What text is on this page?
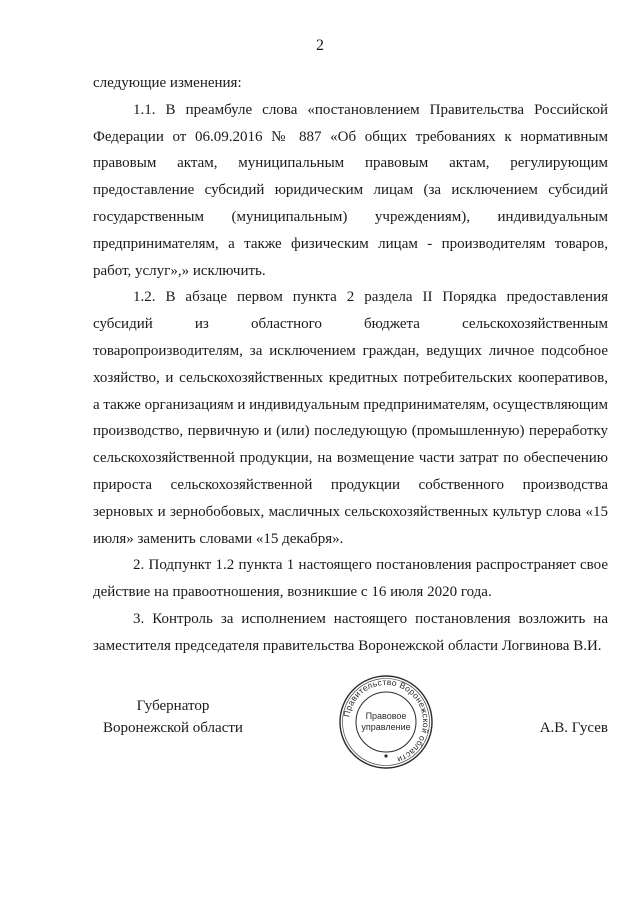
2

следующие изменения:

1.1. В преамбуле слова «постановлением Правительства Российской Федерации от 06.09.2016 № 887 «Об общих требованиях к нормативным правовым актам, муниципальным правовым актам, регулирующим предоставление субсидий юридическим лицам (за исключением субсидий государственным (муниципальным) учреждениям), индивидуальным предпринимателям, а также физическим лицам - производителям товаров, работ, услуг»,» исключить.

1.2. В абзаце первом пункта 2 раздела II Порядка предоставления субсидий из областного бюджета сельскохозяйственным товаропроизводителям, за исключением граждан, ведущих личное подсобное хозяйство, и сельскохозяйственных кредитных потребительских кооперативов, а также организациям и индивидуальным предпринимателям, осуществляющим производство, первичную и (или) последующую (промышленную) переработку сельскохозяйственной продукции, на возмещение части затрат по обеспечению прироста сельскохозяйственной продукции собственного производства зерновых и зернобобовых, масличных сельскохозяйственных культур слова «15 июля» заменить словами «15 декабря».

2. Подпункт 1.2 пункта 1 настоящего постановления распространяет свое действие на правоотношения, возникшие с 16 июля 2020 года.

3. Контроль за исполнением настоящего постановления возложить на заместителя председателя правительства Воронежской области Логвинова В.И.

Губернатор
Воронежской области
Правительство Воронежской области
Правовое
управление	А.В. Гусев
